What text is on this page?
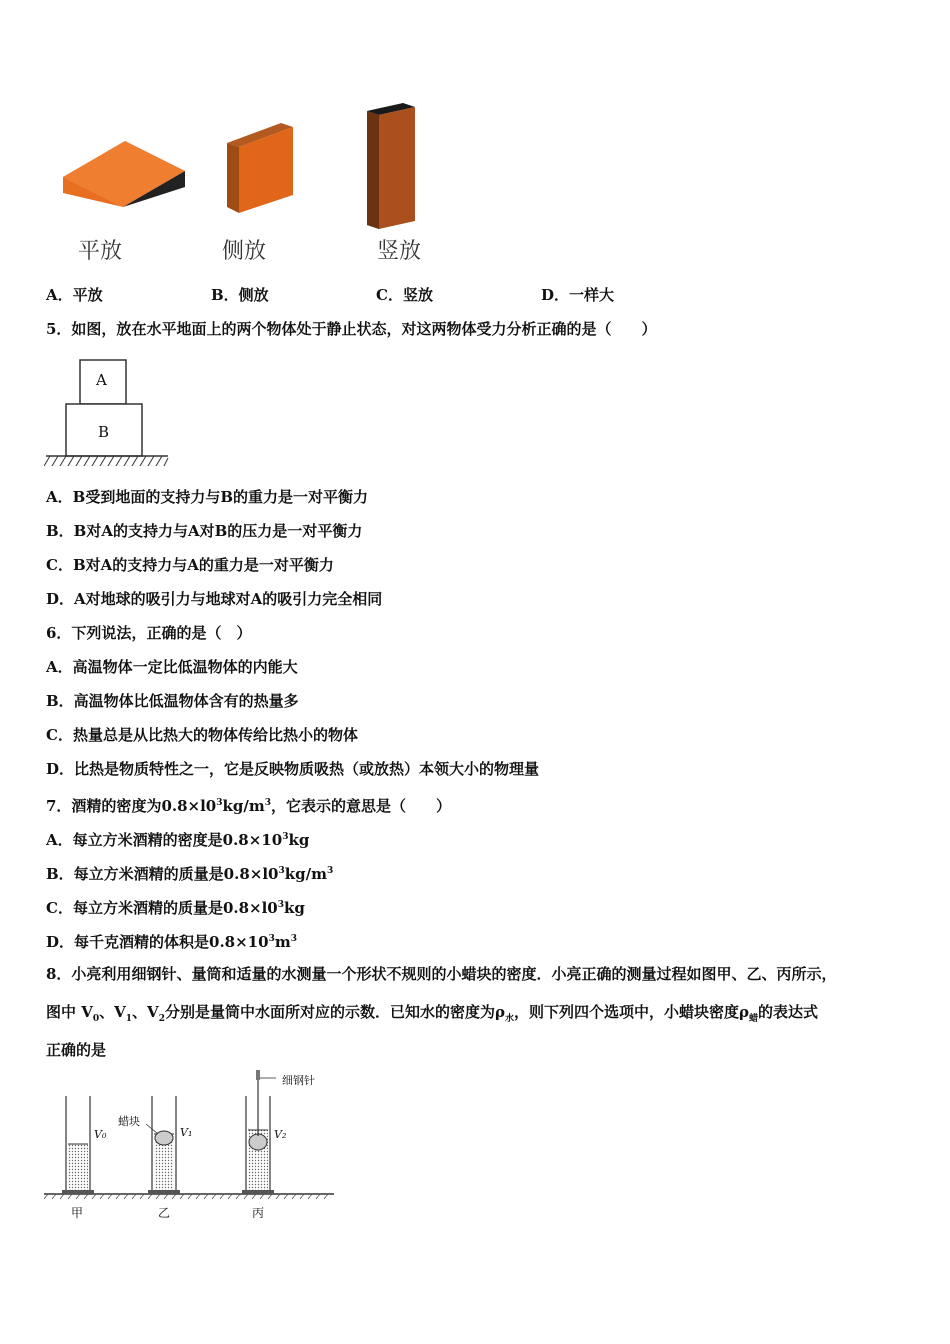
平放	侧放	竖放
A．平放	B．侧放	C．竖放	D．一样大
5．如图，放在水平地面上的两个物体处于静止状态，对这两物体受力分析正确的是（　　）
A
B
A．B受到地面的支持力与B的重力是一对平衡力
B．B对A的支持力与A对B的压力是一对平衡力
C．B对A的支持力与A的重力是一对平衡力
D．A对地球的吸引力与地球对A的吸引力完全相同
6．下列说法，正确的是（　）
A．高温物体一定比低温物体的内能大
B．高温物体比低温物体含有的热量多
C．热量总是从比热大的物体传给比热小的物体
D．比热是物质特性之一，它是反映物质吸热（或放热）本领大小的物理量
7．酒精的密度为$0.8\times l0^3kg/m^3$，它表示的意思是（　　）
A．每立方米酒精的密度是$0.8\times 10^3kg$
B．每立方米酒精的质量是$0.8\times l0^3kg/m^3$
C．每立方米酒精的质量是$0.8\times l0^3kg$
D．每千克酒精的体积是$0.8\times 10^3m^3$
8．小亮利用细钢针、量筒和适量的水测量一个形状不规则的小蜡块的密度．小亮正确的测量过程如图甲、乙、丙所示，
图中 $V_0$、$V_1$、$V_2$分别是量筒中水面所对应的示数．已知水的密度为$\rho_水$，则下列四个选项中，小蜡块密度$\rho_蜡$的表达式
正确的是
细钢针
蜡块
V₀	V₁	V₂
甲	乙	丙
